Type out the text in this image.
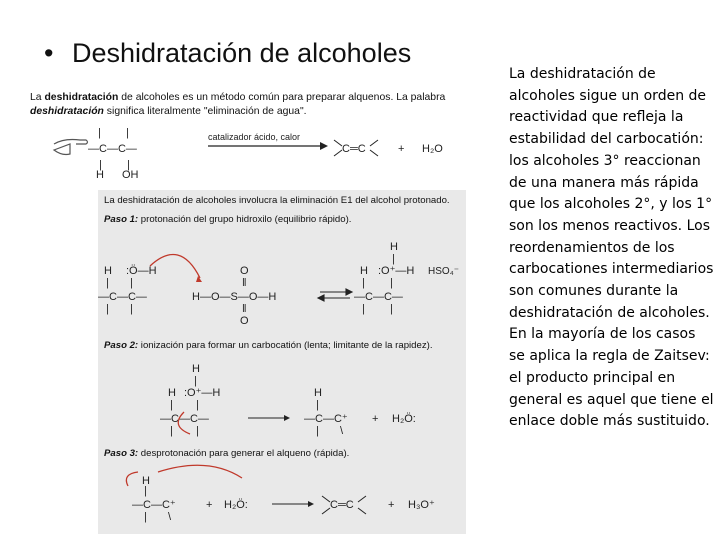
• Deshidratación de alcoholes
La deshidratación de alcoholes sigue un orden de reactividad que refleja la estabilidad del carbocatión: los alcoholes 3° reaccionan de una manera más rápida que los alcoholes 2°, y los 1° son los menos reactivos. Los reordenamientos de los carbocationes intermediarios son comunes durante la deshidratación de alcoholes. En la mayoría de los casos se aplica la regla de Zaitsev: el producto principal en general es aquel que tiene el enlace doble más sustituido.
La deshidratación de alcoholes es un método común para preparar alquenos. La palabra
deshidratación significa literalmente "eliminación de agua".
| |
—C—C—
| |
H OH
catalizador ácido, calor
C═C	+ H₂O
La deshidratación de alcoholes involucra la eliminación E1 del alcohol protonado.
Paso 1: protonación del grupo hidroxilo (equilibrio rápido).
Paso 2: ionización para formar un carbocatión (lenta; limitante de la rapidez).
Paso 3: desprotonación para generar el alqueno (rápida).
H :Ö—H
| |
—C—C—
| |
O
‖
H—O—S—O—H
‖
O
H
|
H :O⁺—H
| |
—C—C—
| |
HSO₄⁻
H
|
H :O⁺—H
| |
—C—C—
| |
H
|
—C—C⁺
| \
+ H₂Ö:
H
|
—C—C⁺
| \
+ H₂Ö:	C═C	+ H₃O⁺
